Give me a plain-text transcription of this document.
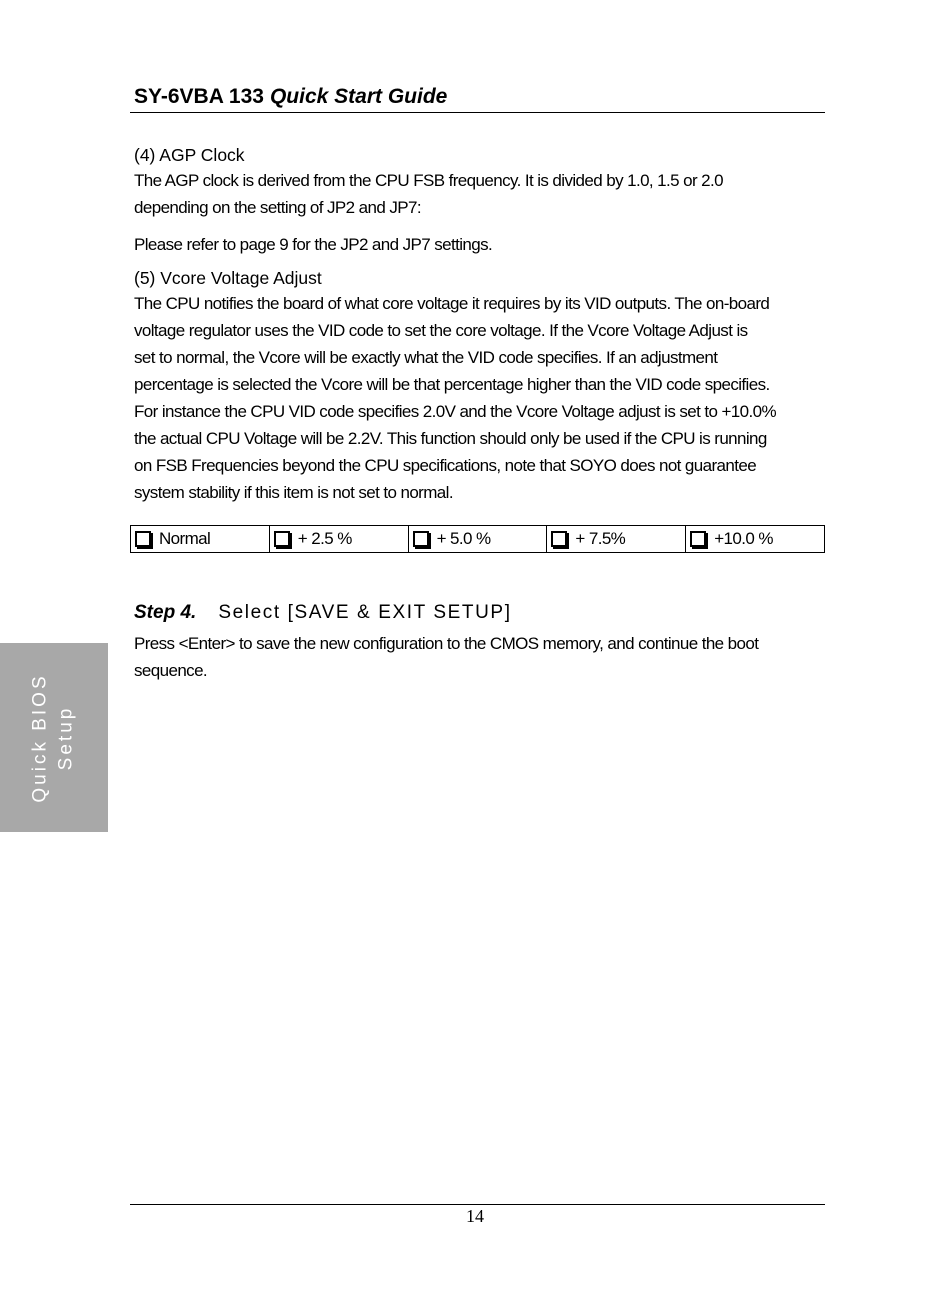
SY-6VBA 133 Quick Start Guide
(4) AGP Clock
The AGP clock is derived from the CPU FSB frequency. It is divided by 1.0, 1.5 or 2.0
depending on the setting of JP2 and JP7:
Please refer to page 9 for the JP2 and JP7 settings.
(5) Vcore Voltage Adjust
The CPU notifies the board of what core voltage it requires by its VID outputs. The on-board
voltage regulator uses the VID code to set the core voltage. If the Vcore Voltage Adjust is
set to normal, the Vcore will be exactly what the VID code specifies. If an adjustment
percentage is selected the Vcore will be that percentage higher than the VID code specifies.
For instance the CPU VID code specifies 2.0V and the Vcore Voltage adjust is set to +10.0%
the actual CPU Voltage will be 2.2V. This function should only be used if the CPU is running
on FSB Frequencies beyond the CPU specifications, note that SOYO does not guarantee
system stability if this item is not set to normal.
Normal	+ 2.5 %	+ 5.0 %	+ 7.5%	+10.0 %
Step 4. Select [SAVE & EXIT SETUP]
Press <Enter> to save the new configuration to the CMOS memory, and continue the boot
sequence.
Quick BIOS Setup
14
